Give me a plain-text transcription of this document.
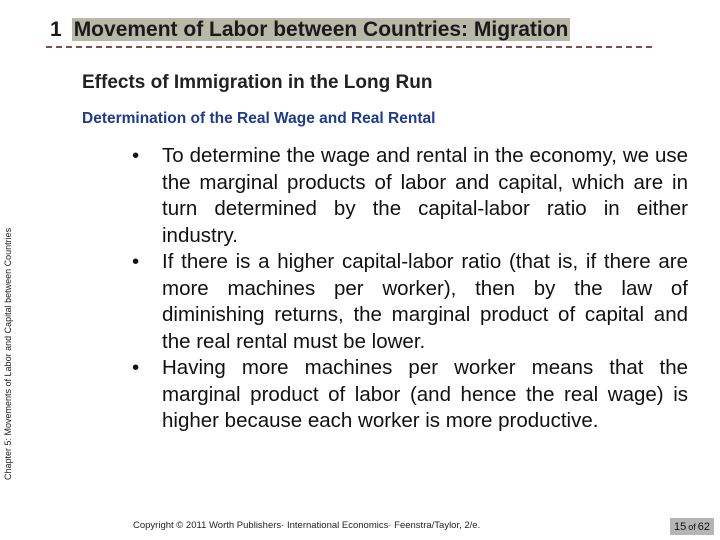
1 Movement of Labor between Countries: Migration
Effects of Immigration in the Long Run
Determination of the Real Wage and Real Rental
Chapter 5: Movements of Labor and Capital between Countries
• To determine the wage and rental in the economy, we use the marginal products of labor and capital, which are in turn determined by the capital-labor ratio in either industry.
• If there is a higher capital-labor ratio (that is, if there are more machines per worker), then by the law of diminishing returns, the marginal product of capital and the real rental must be lower.
• Having more machines per worker means that the marginal product of labor (and hence the real wage) is higher because each worker is more productive.
Copyright © 2011 Worth Publishers· International Economics· Feenstra/Taylor, 2/e.	15 of 62
